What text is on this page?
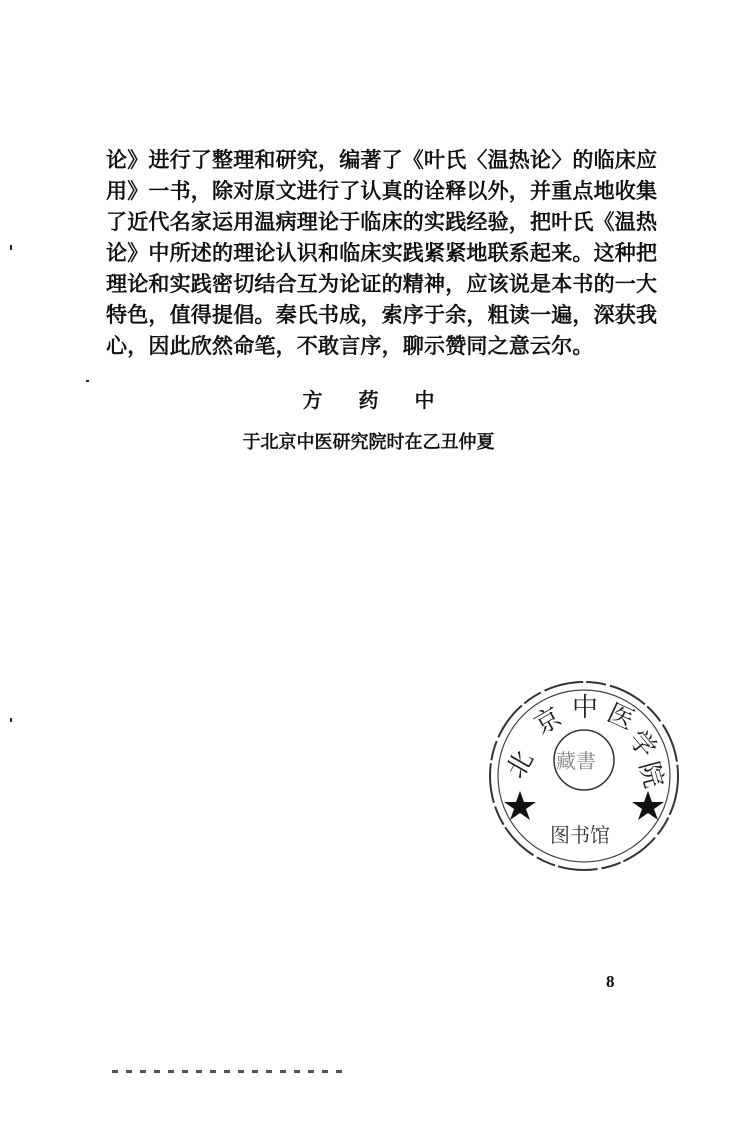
论》进行了整理和研究，编著了《叶氏〈温热论〉的临床应
用》一书，除对原文进行了认真的诠释以外，并重点地收集
了近代名家运用温病理论于临床的实践经验，把叶氏《温热
论》中所述的理论认识和临床实践紧紧地联系起来。这种把
理论和实践密切结合互为论证的精神，应该说是本书的一大
特色，值得提倡。秦氏书成，索序于余，粗读一遍，深获我
心，因此欣然命笔，不敢言序，聊示赞同之意云尔。
方药中
于北京中医研究院时在乙丑仲夏
北
京 中 医
学
院
藏書
图书馆
8
